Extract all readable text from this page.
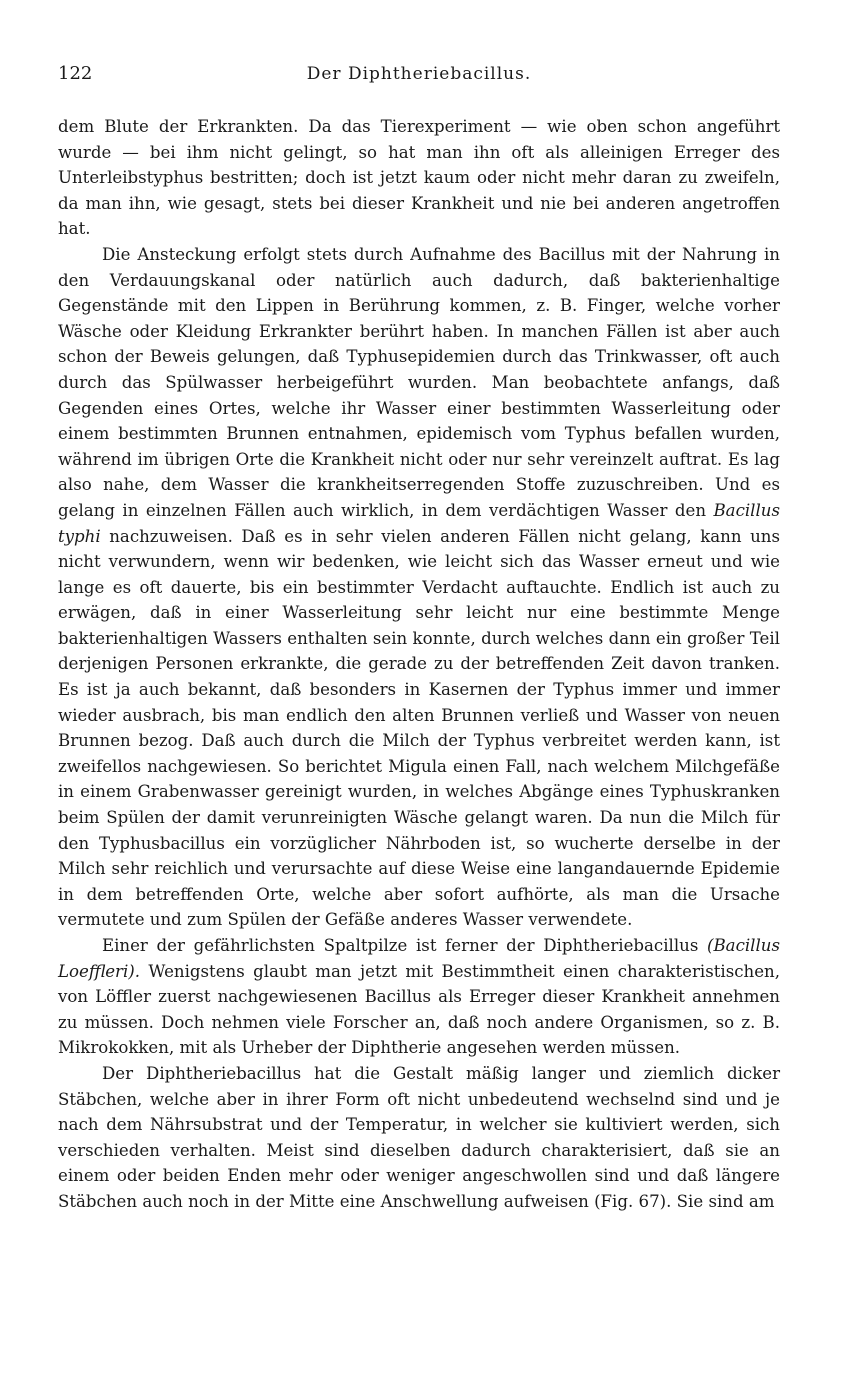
122	Der Diphtheriebacillus.

dem Blute der Erkrankten. Da das Tierexperiment — wie oben schon angeführt wurde — bei ihm nicht gelingt, so hat man ihn oft als alleinigen Erreger des Unterleibstyphus bestritten; doch ist jetzt kaum oder nicht mehr daran zu zweifeln, da man ihn, wie gesagt, stets bei dieser Krankheit und nie bei anderen angetroffen hat.

Die Ansteckung erfolgt stets durch Aufnahme des Bacillus mit der Nahrung in den Verdauungskanal oder natürlich auch dadurch, daß bakterienhaltige Gegenstände mit den Lippen in Berührung kommen, z. B. Finger, welche vorher Wäsche oder Kleidung Erkrankter berührt haben. In manchen Fällen ist aber auch schon der Beweis gelungen, daß Typhusepidemien durch das Trinkwasser, oft auch durch das Spülwasser herbeigeführt wurden. Man beobachtete anfangs, daß Gegenden eines Ortes, welche ihr Wasser einer bestimmten Wasserleitung oder einem bestimmten Brunnen entnahmen, epidemisch vom Typhus befallen wurden, während im übrigen Orte die Krankheit nicht oder nur sehr vereinzelt auftrat. Es lag also nahe, dem Wasser die krankheitserregenden Stoffe zuzuschreiben. Und es gelang in einzelnen Fällen auch wirklich, in dem verdächtigen Wasser den Bacillus typhi nachzuweisen. Daß es in sehr vielen anderen Fällen nicht gelang, kann uns nicht verwundern, wenn wir bedenken, wie leicht sich das Wasser erneut und wie lange es oft dauerte, bis ein bestimmter Verdacht auftauchte. Endlich ist auch zu erwägen, daß in einer Wasserleitung sehr leicht nur eine bestimmte Menge bakterienhaltigen Wassers enthalten sein konnte, durch welches dann ein großer Teil derjenigen Personen erkrankte, die gerade zu der betreffenden Zeit davon tranken. Es ist ja auch bekannt, daß besonders in Kasernen der Typhus immer und immer wieder ausbrach, bis man endlich den alten Brunnen verließ und Wasser von neuen Brunnen bezog. Daß auch durch die Milch der Typhus verbreitet werden kann, ist zweifellos nachgewiesen. So berichtet Migula einen Fall, nach welchem Milchgefäße in einem Grabenwasser gereinigt wurden, in welches Abgänge eines Typhuskranken beim Spülen der damit verunreinigten Wäsche gelangt waren. Da nun die Milch für den Typhusbacillus ein vorzüglicher Nährboden ist, so wucherte derselbe in der Milch sehr reichlich und verursachte auf diese Weise eine langandauernde Epidemie in dem betreffenden Orte, welche aber sofort aufhörte, als man die Ursache vermutete und zum Spülen der Gefäße anderes Wasser verwendete.

Einer der gefährlichsten Spaltpilze ist ferner der Diphtheriebacillus (Bacillus Loeffleri). Wenigstens glaubt man jetzt mit Bestimmtheit einen charakteristischen, von Löffler zuerst nachgewiesenen Bacillus als Erreger dieser Krankheit annehmen zu müssen. Doch nehmen viele Forscher an, daß noch andere Organismen, so z. B. Mikrokokken, mit als Urheber der Diphtherie angesehen werden müssen.

Der Diphtheriebacillus hat die Gestalt mäßig langer und ziemlich dicker Stäbchen, welche aber in ihrer Form oft nicht unbedeutend wechselnd sind und je nach dem Nährsubstrat und der Temperatur, in welcher sie kultiviert werden, sich verschieden verhalten. Meist sind dieselben dadurch charakterisiert, daß sie an einem oder beiden Enden mehr oder weniger angeschwollen sind und daß längere Stäbchen auch noch in der Mitte eine Anschwellung aufweisen (Fig. 67). Sie sind am
